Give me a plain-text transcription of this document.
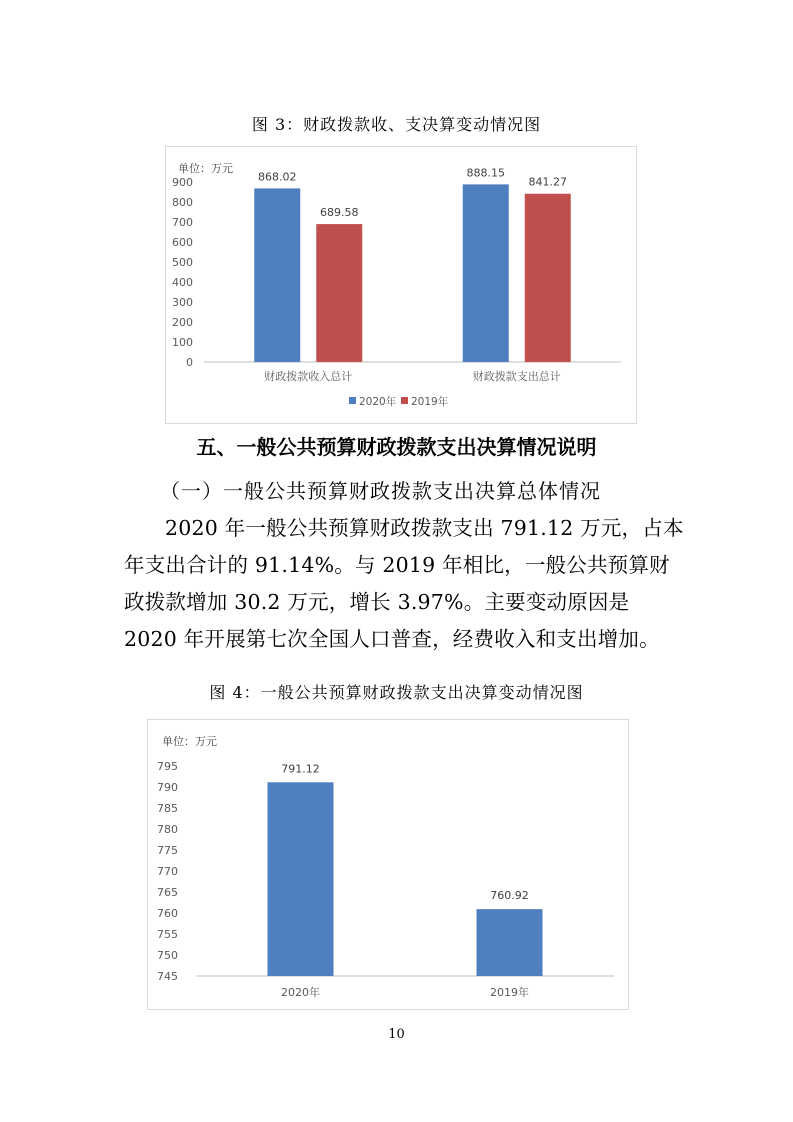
图 3：财政拨款收、支决算变动情况图
单位：万元
0
100
200
300
400
500
600
700
800
900	868.02
689.58
财政拨款收入总计
888.15
841.27
财政拨款支出总计
2020年 2019年
五、一般公共预算财政拨款支出决算情况说明
（一）一般公共预算财政拨款支出决算总体情况
2020 年一般公共预算财政拨款支出 791.12 万元，占本年支出合计的 91.14%。与 2019 年相比，一般公共预算财政拨款增加 30.2 万元，增长 3.97%。主要变动原因是 2020 年开展第七次全国人口普查，经费收入和支出增加。
图 4：一般公共预算财政拨款支出决算变动情况图
单位：万元
745
750
755
760
765
770
775
780
785
790
795	791.12
2020年
760.92
2019年
10
